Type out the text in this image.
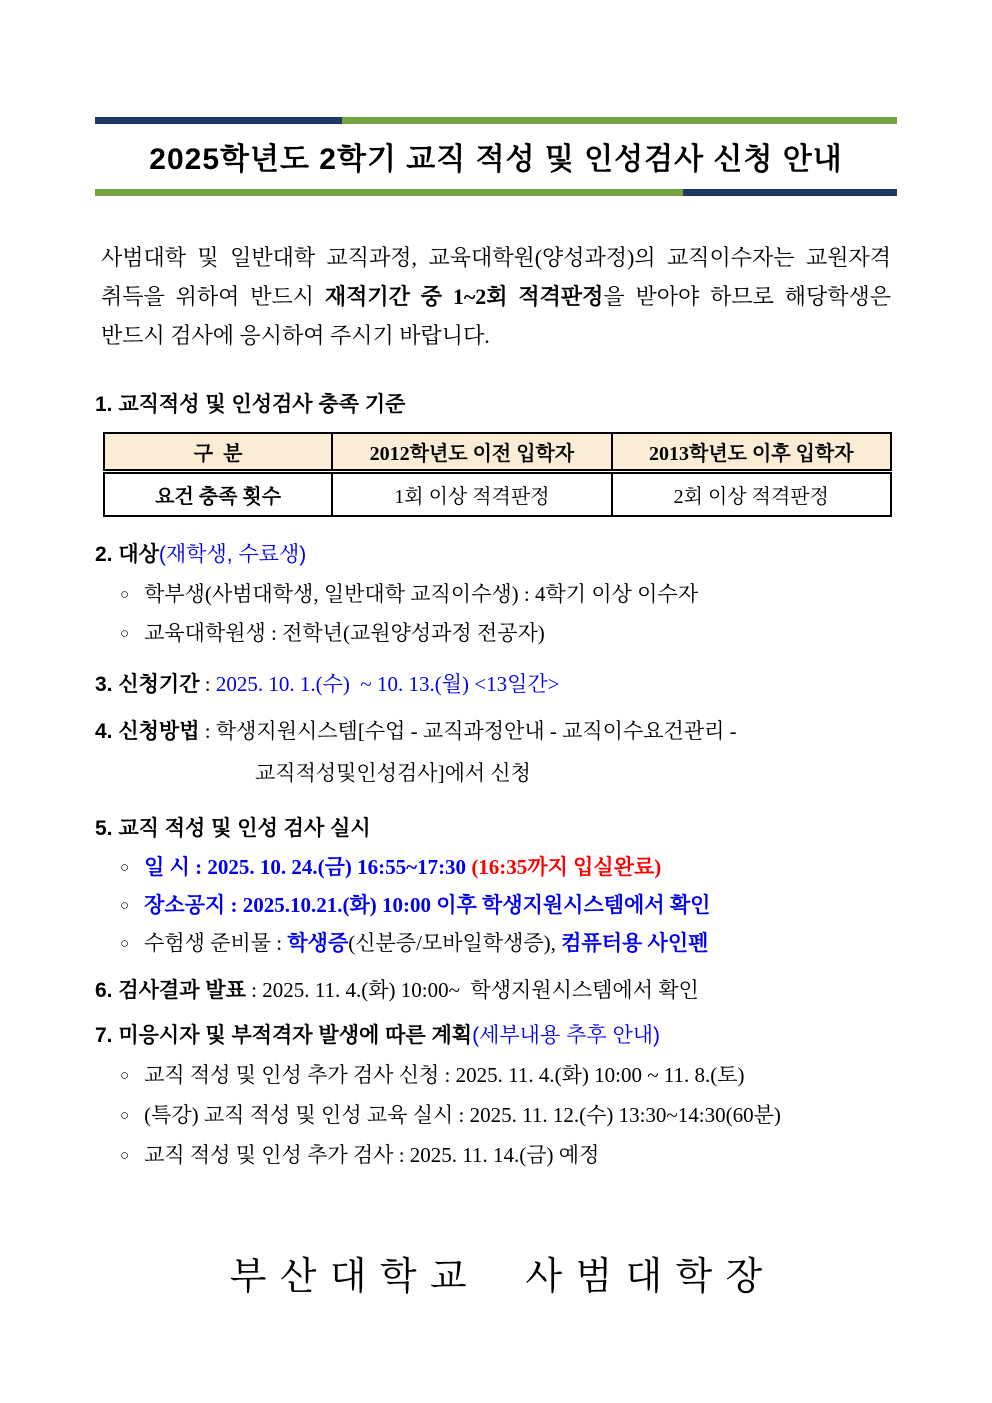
2025학년도 2학기 교직 적성 및 인성검사 신청 안내

사범대학 및 일반대학 교직과정, 교육대학원(양성과정)의 교직이수자는 교원자격 취득을 위하여 반드시 재적기간 중 1~2회 적격판정을 받아야 하므로 해당학생은 반드시 검사에 응시하여 주시기 바랍니다.

1. 교직적성 및 인성검사 충족 기준
구  분	2012학년도 이전 입학자	2013학년도 이후 입학자
요건 충족 횟수	1회 이상 적격판정	2회 이상 적격판정
2. 대상(재학생, 수료생)
○ 학부생(사범대학생, 일반대학 교직이수생) : 4학기 이상 이수자
○ 교육대학원생 : 전학년(교원양성과정 전공자)
3. 신청기간 : 2025. 10. 1.(수)  ~ 10. 13.(월) <13일간>
4. 신청방법 : 학생지원시스템[수업 - 교직과정안내 - 교직이수요건관리 -
교직적성및인성검사]에서 신청
5. 교직 적성 및 인성 검사 실시
○ 일 시 : 2025. 10. 24.(금) 16:55~17:30 (16:35까지 입실완료)
○ 장소공지 : 2025.10.21.(화) 10:00 이후 학생지원시스템에서 확인
○ 수험생 준비물 : 학생증(신분증/모바일학생증), 컴퓨터용 사인펜
6. 검사결과 발표 : 2025. 11. 4.(화) 10:00~  학생지원시스템에서 확인
7. 미응시자 및 부적격자 발생에 따른 계획(세부내용 추후 안내)
○ 교직 적성 및 인성 추가 검사 신청 : 2025. 11. 4.(화) 10:00 ~ 11. 8.(토)
○ (특강) 교직 적성 및 인성 교육 실시 : 2025. 11. 12.(수) 13:30~14:30(60분)
○ 교직 적성 및 인성 추가 검사 : 2025. 11. 14.(금) 예정
부산대학교  사범대학장
